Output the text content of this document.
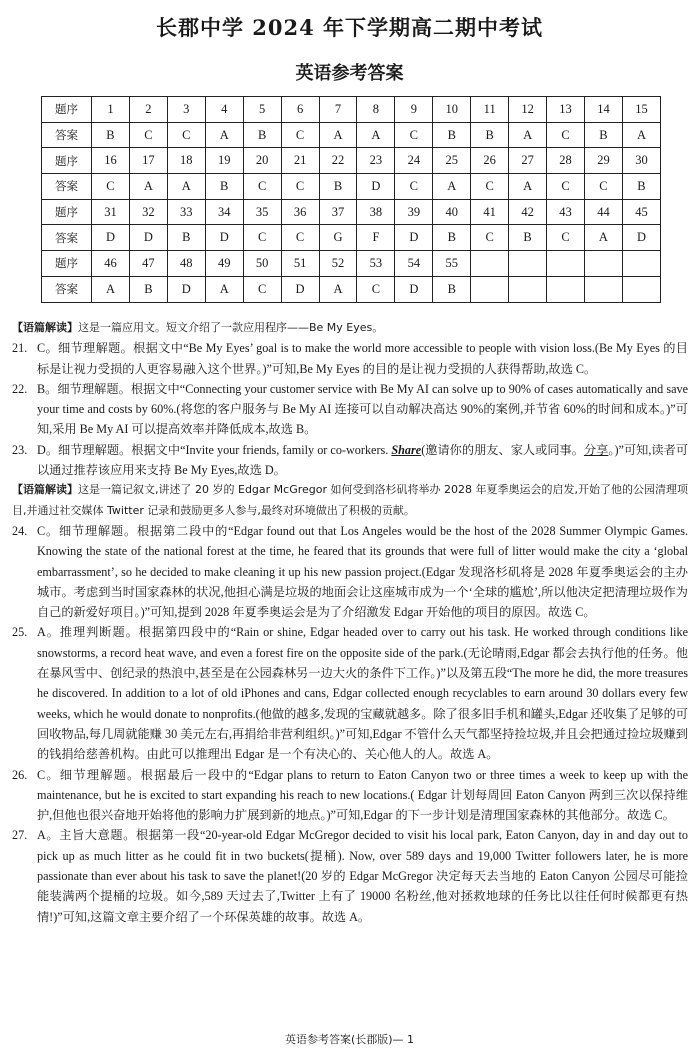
长郡中学 2024 年下学期高二期中考试
英语参考答案
题序	1	2	3	4	5	6	7	8	9	10	11	12	13	14	15
答案	B	C	C	A	B	C	A	A	C	B	B	A	C	B	A
题序	16	17	18	19	20	21	22	23	24	25	26	27	28	29	30
答案	C	A	A	B	C	C	B	D	C	A	C	A	C	C	B
题序	31	32	33	34	35	36	37	38	39	40	41	42	43	44	45
答案	D	D	B	D	C	C	G	F	D	B	C	B	C	A	D
题序	46	47	48	49	50	51	52	53	54	55					
答案	A	B	D	A	C	D	A	C	D	B					

【语篇解读】这是一篇应用文。短文介绍了一款应用程序——Be My Eyes。

21. C。细节理解题。根据文中“Be My Eyes’ goal is to make the world more accessible to people with vision loss.(Be My Eyes 的目标是让视力受损的人更容易融入这个世界。)”可知,Be My Eyes 的目的是让视力受损的人获得帮助,故选 C。

22. B。细节理解题。根据文中“Connecting your customer service with Be My AI can solve up to 90% of cases automatically and save your time and costs by 60%.(将您的客户服务与 Be My AI 连接可以自动解决高达 90%的案例,并节省 60%的时间和成本。)”可知,采用 Be My AI 可以提高效率并降低成本,故选 B。

23. D。细节理解题。根据文中“Invite your friends, family or co-workers. Share(邀请你的朋友、家人或同事。分享。)”可知,读者可以通过推荐该应用来支持 Be My Eyes,故选 D。

【语篇解读】这是一篇记叙文,讲述了 20 岁的 Edgar McGregor 如何受到洛杉矶将举办 2028 年夏季奥运会的启发,开始了他的公园清理项目,并通过社交媒体 Twitter 记录和鼓励更多人参与,最终对环境做出了积极的贡献。

24. C。细节理解题。根据第二段中的“Edgar found out that Los Angeles would be the host of the 2028 Summer Olympic Games. Knowing the state of the national forest at the time, he feared that its grounds that were full of litter would make the city a ‘global embarrassment’, so he decided to make cleaning it up his new passion project.(Edgar 发现洛杉矶将是 2028 年夏季奥运会的主办城市。考虑到当时国家森林的状况,他担心满是垃圾的地面会让这座城市成为一个‘全球的尴尬’,所以他决定把清理垃圾作为自己的新爱好项目。)”可知,提到 2028 年夏季奥运会是为了介绍激发 Edgar 开始他的项目的原因。故选 C。

25. A。推理判断题。根据第四段中的“Rain or shine, Edgar headed over to carry out his task. He worked through conditions like snowstorms, a record heat wave, and even a forest fire on the opposite side of the park.(无论晴雨,Edgar 都会去执行他的任务。他在暴风雪中、创纪录的热浪中,甚至是在公园森林另一边大火的条件下工作。)”以及第五段“The more he did, the more treasures he discovered. In addition to a lot of old iPhones and cans, Edgar collected enough recyclables to earn around 30 dollars every few weeks, which he would donate to nonprofits.(他做的越多,发现的宝藏就越多。除了很多旧手机和罐头,Edgar 还收集了足够的可回收物品,每几周就能赚 30 美元左右,再捐给非营利组织。)”可知,Edgar 不管什么天气都坚持捡垃圾,并且会把通过捡垃圾赚到的钱捐给慈善机构。由此可以推理出 Edgar 是一个有决心的、关心他人的人。故选 A。

26. C。细节理解题。根据最后一段中的“Edgar plans to return to Eaton Canyon two or three times a week to keep up with the maintenance, but he is excited to start expanding his reach to new locations.( Edgar 计划每周回 Eaton Canyon 两到三次以保持维护,但他也很兴奋地开始将他的影响力扩展到新的地点。)”可知,Edgar 的下一步计划是清理国家森林的其他部分。故选 C。

27. A。主旨大意题。根据第一段“20-year-old Edgar McGregor decided to visit his local park, Eaton Canyon, day in and day out to pick up as much litter as he could fit in two buckets(提桶). Now, over 589 days and 19,000 Twitter followers later, he is more passionate than ever about his task to save the planet!(20 岁的 Edgar McGregor 决定每天去当地的 Eaton Canyon 公园尽可能捡能装满两个提桶的垃圾。如今,589 天过去了,Twitter 上有了 19000 名粉丝,他对拯救地球的任务比以往任何时候都更有热情!)”可知,这篇文章主要介绍了一个环保英雄的故事。故选 A。

英语参考答案(长郡版)— 1
